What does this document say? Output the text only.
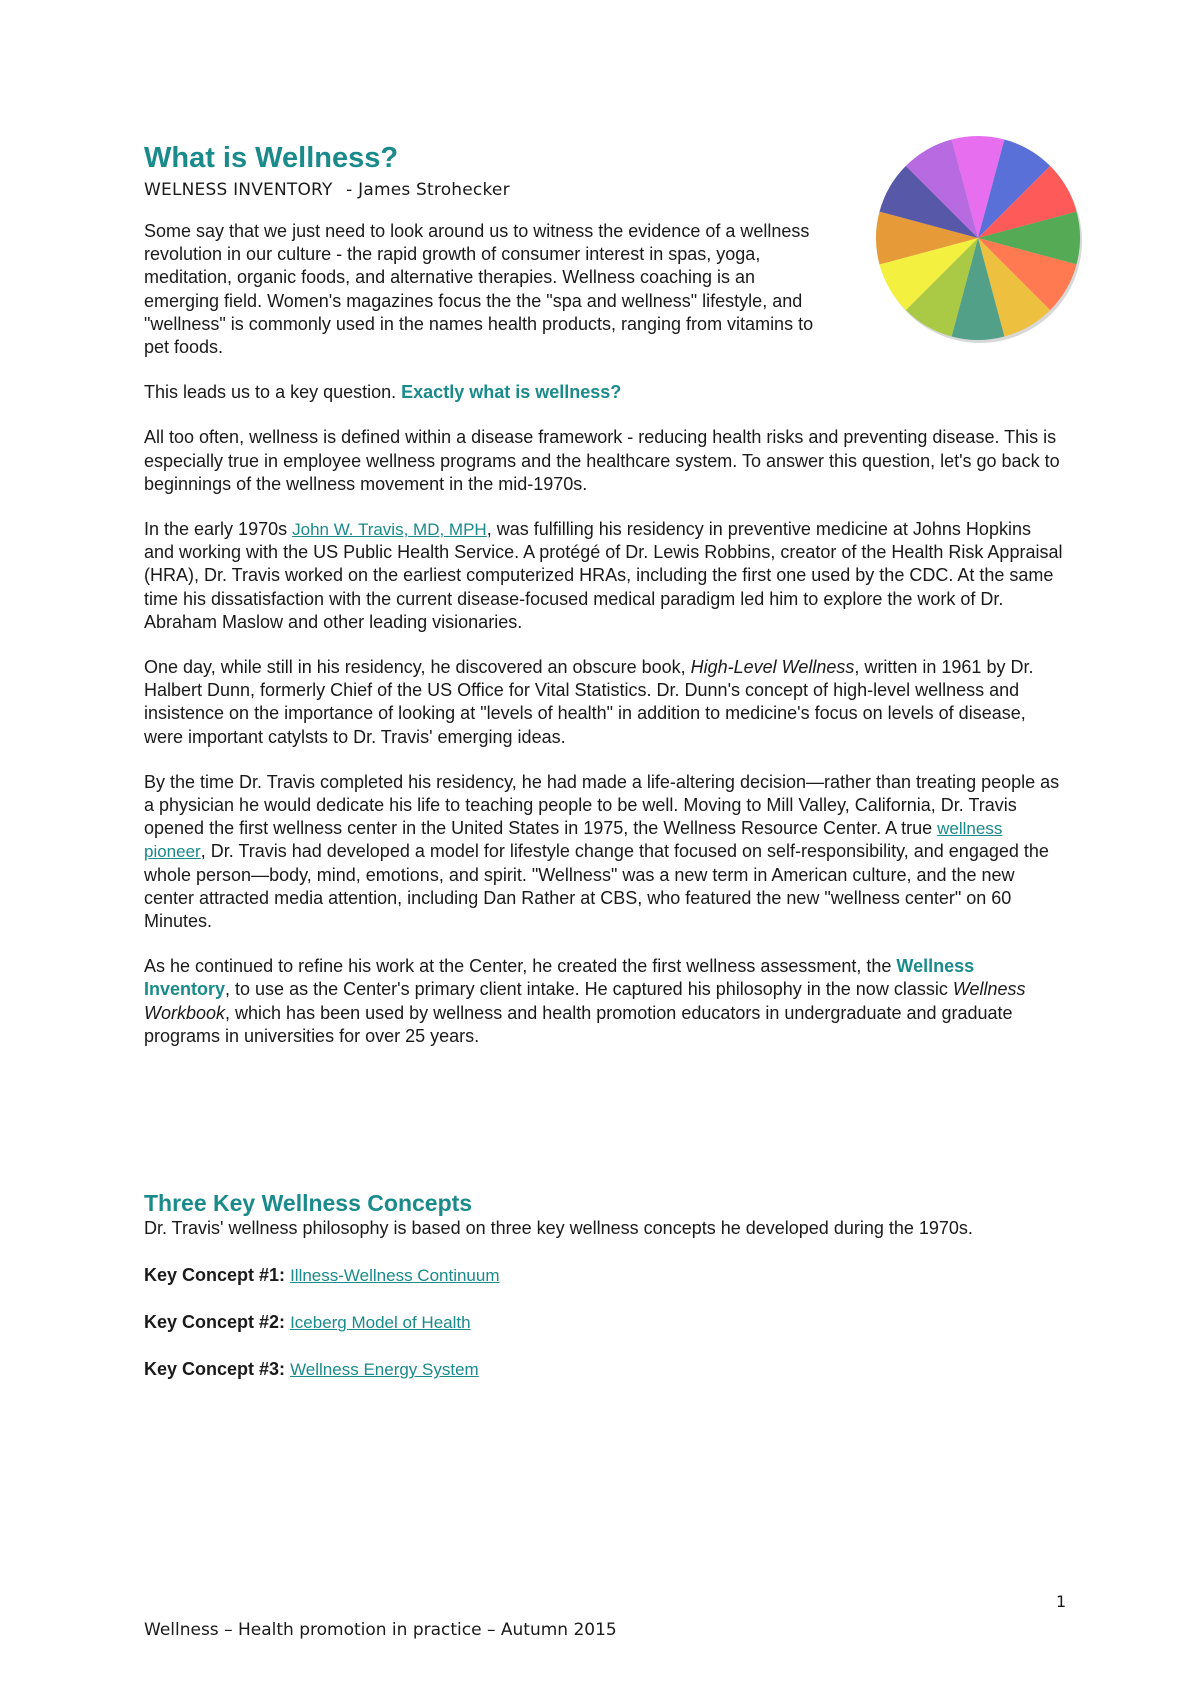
What is Wellness?
WELNESS INVENTORY - James Strohecker

Some say that we just need to look around us to witness the evidence of a wellness revolution in our culture - the rapid growth of consumer interest in spas, yoga, meditation, organic foods, and alternative therapies. Wellness coaching is an emerging field. Women's magazines focus the the "spa and wellness" lifestyle, and "wellness" is commonly used in the names health products, ranging from vitamins to pet foods.

This leads us to a key question. Exactly what is wellness?

All too often, wellness is defined within a disease framework - reducing health risks and preventing disease. This is especially true in employee wellness programs and the healthcare system. To answer this question, let's go back to beginnings of the wellness movement in the mid-1970s.

In the early 1970s John W. Travis, MD, MPH, was fulfilling his residency in preventive medicine at Johns Hopkins and working with the US Public Health Service. A protégé of Dr. Lewis Robbins, creator of the Health Risk Appraisal (HRA), Dr. Travis worked on the earliest computerized HRAs, including the first one used by the CDC. At the same time his dissatisfaction with the current disease-focused medical paradigm led him to explore the work of Dr. Abraham Maslow and other leading visionaries.

One day, while still in his residency, he discovered an obscure book, High-Level Wellness, written in 1961 by Dr. Halbert Dunn, formerly Chief of the US Office for Vital Statistics. Dr. Dunn's concept of high-level wellness and insistence on the importance of looking at "levels of health" in addition to medicine's focus on levels of disease, were important catylsts to Dr. Travis' emerging ideas.

By the time Dr. Travis completed his residency, he had made a life-altering decision—rather than treating people as a physician he would dedicate his life to teaching people to be well. Moving to Mill Valley, California, Dr. Travis opened the first wellness center in the United States in 1975, the Wellness Resource Center. A true wellness pioneer, Dr. Travis had developed a model for lifestyle change that focused on self-responsibility, and engaged the whole person—body, mind, emotions, and spirit. "Wellness" was a new term in American culture, and the new center attracted media attention, including Dan Rather at CBS, who featured the new "wellness center" on 60 Minutes.

As he continued to refine his work at the Center, he created the first wellness assessment, the Wellness Inventory, to use as the Center's primary client intake. He captured his philosophy in the now classic Wellness Workbook, which has been used by wellness and health promotion educators in undergraduate and graduate programs in universities for over 25 years.

Three Key Wellness Concepts

Dr. Travis' wellness philosophy is based on three key wellness concepts he developed during the 1970s.

Key Concept #1: Illness-Wellness Continuum
Key Concept #2: Iceberg Model of Health
Key Concept #3: Wellness Energy System
1
Wellness – Health promotion in practice – Autumn 2015
